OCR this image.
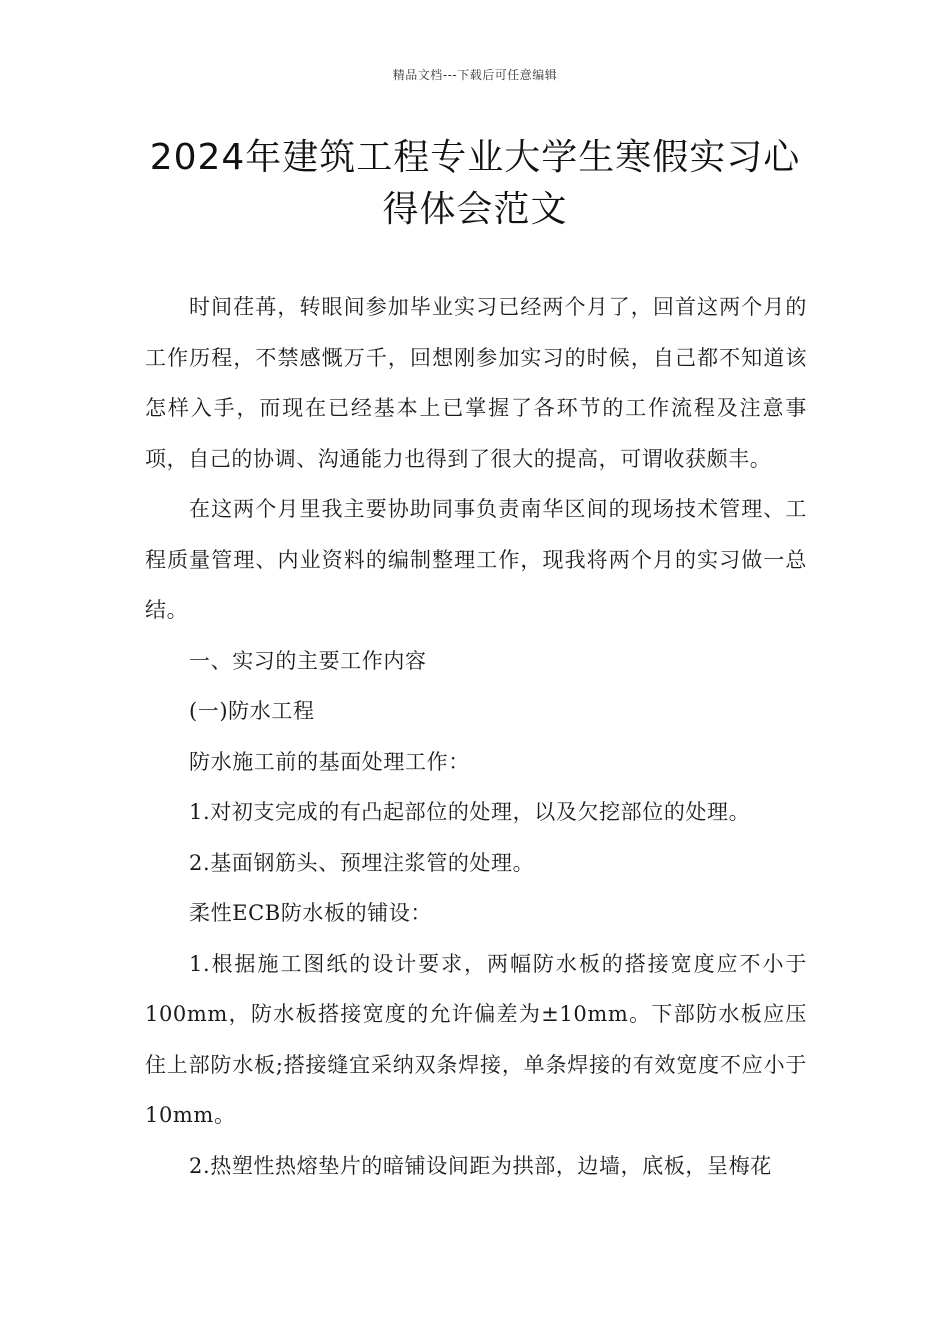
精品文档---下载后可任意编辑
2024年建筑工程专业大学生寒假实习心
得体会范文

时间荏苒，转眼间参加毕业实习已经两个月了，回首这两个月的工作历程，不禁感慨万千，回想刚参加实习的时候，自己都不知道该怎样入手，而现在已经基本上已掌握了各环节的工作流程及注意事项，自己的协调、沟通能力也得到了很大的提高，可谓收获颇丰。

在这两个月里我主要协助同事负责南华区间的现场技术管理、工程质量管理、内业资料的编制整理工作，现我将两个月的实习做一总结。

一、实习的主要工作内容

(一)防水工程

防水施工前的基面处理工作：

1.对初支完成的有凸起部位的处理，以及欠挖部位的处理。

2.基面钢筋头、预埋注浆管的处理。

柔性ECB防水板的铺设：

1.根据施工图纸的设计要求，两幅防水板的搭接宽度应不小于100mm，防水板搭接宽度的允许偏差为±10mm。下部防水板应压住上部防水板;搭接缝宜采纳双条焊接，单条焊接的有效宽度不应小于10mm。

2.热塑性热熔垫片的暗铺设间距为拱部，边墙，底板，呈梅花
